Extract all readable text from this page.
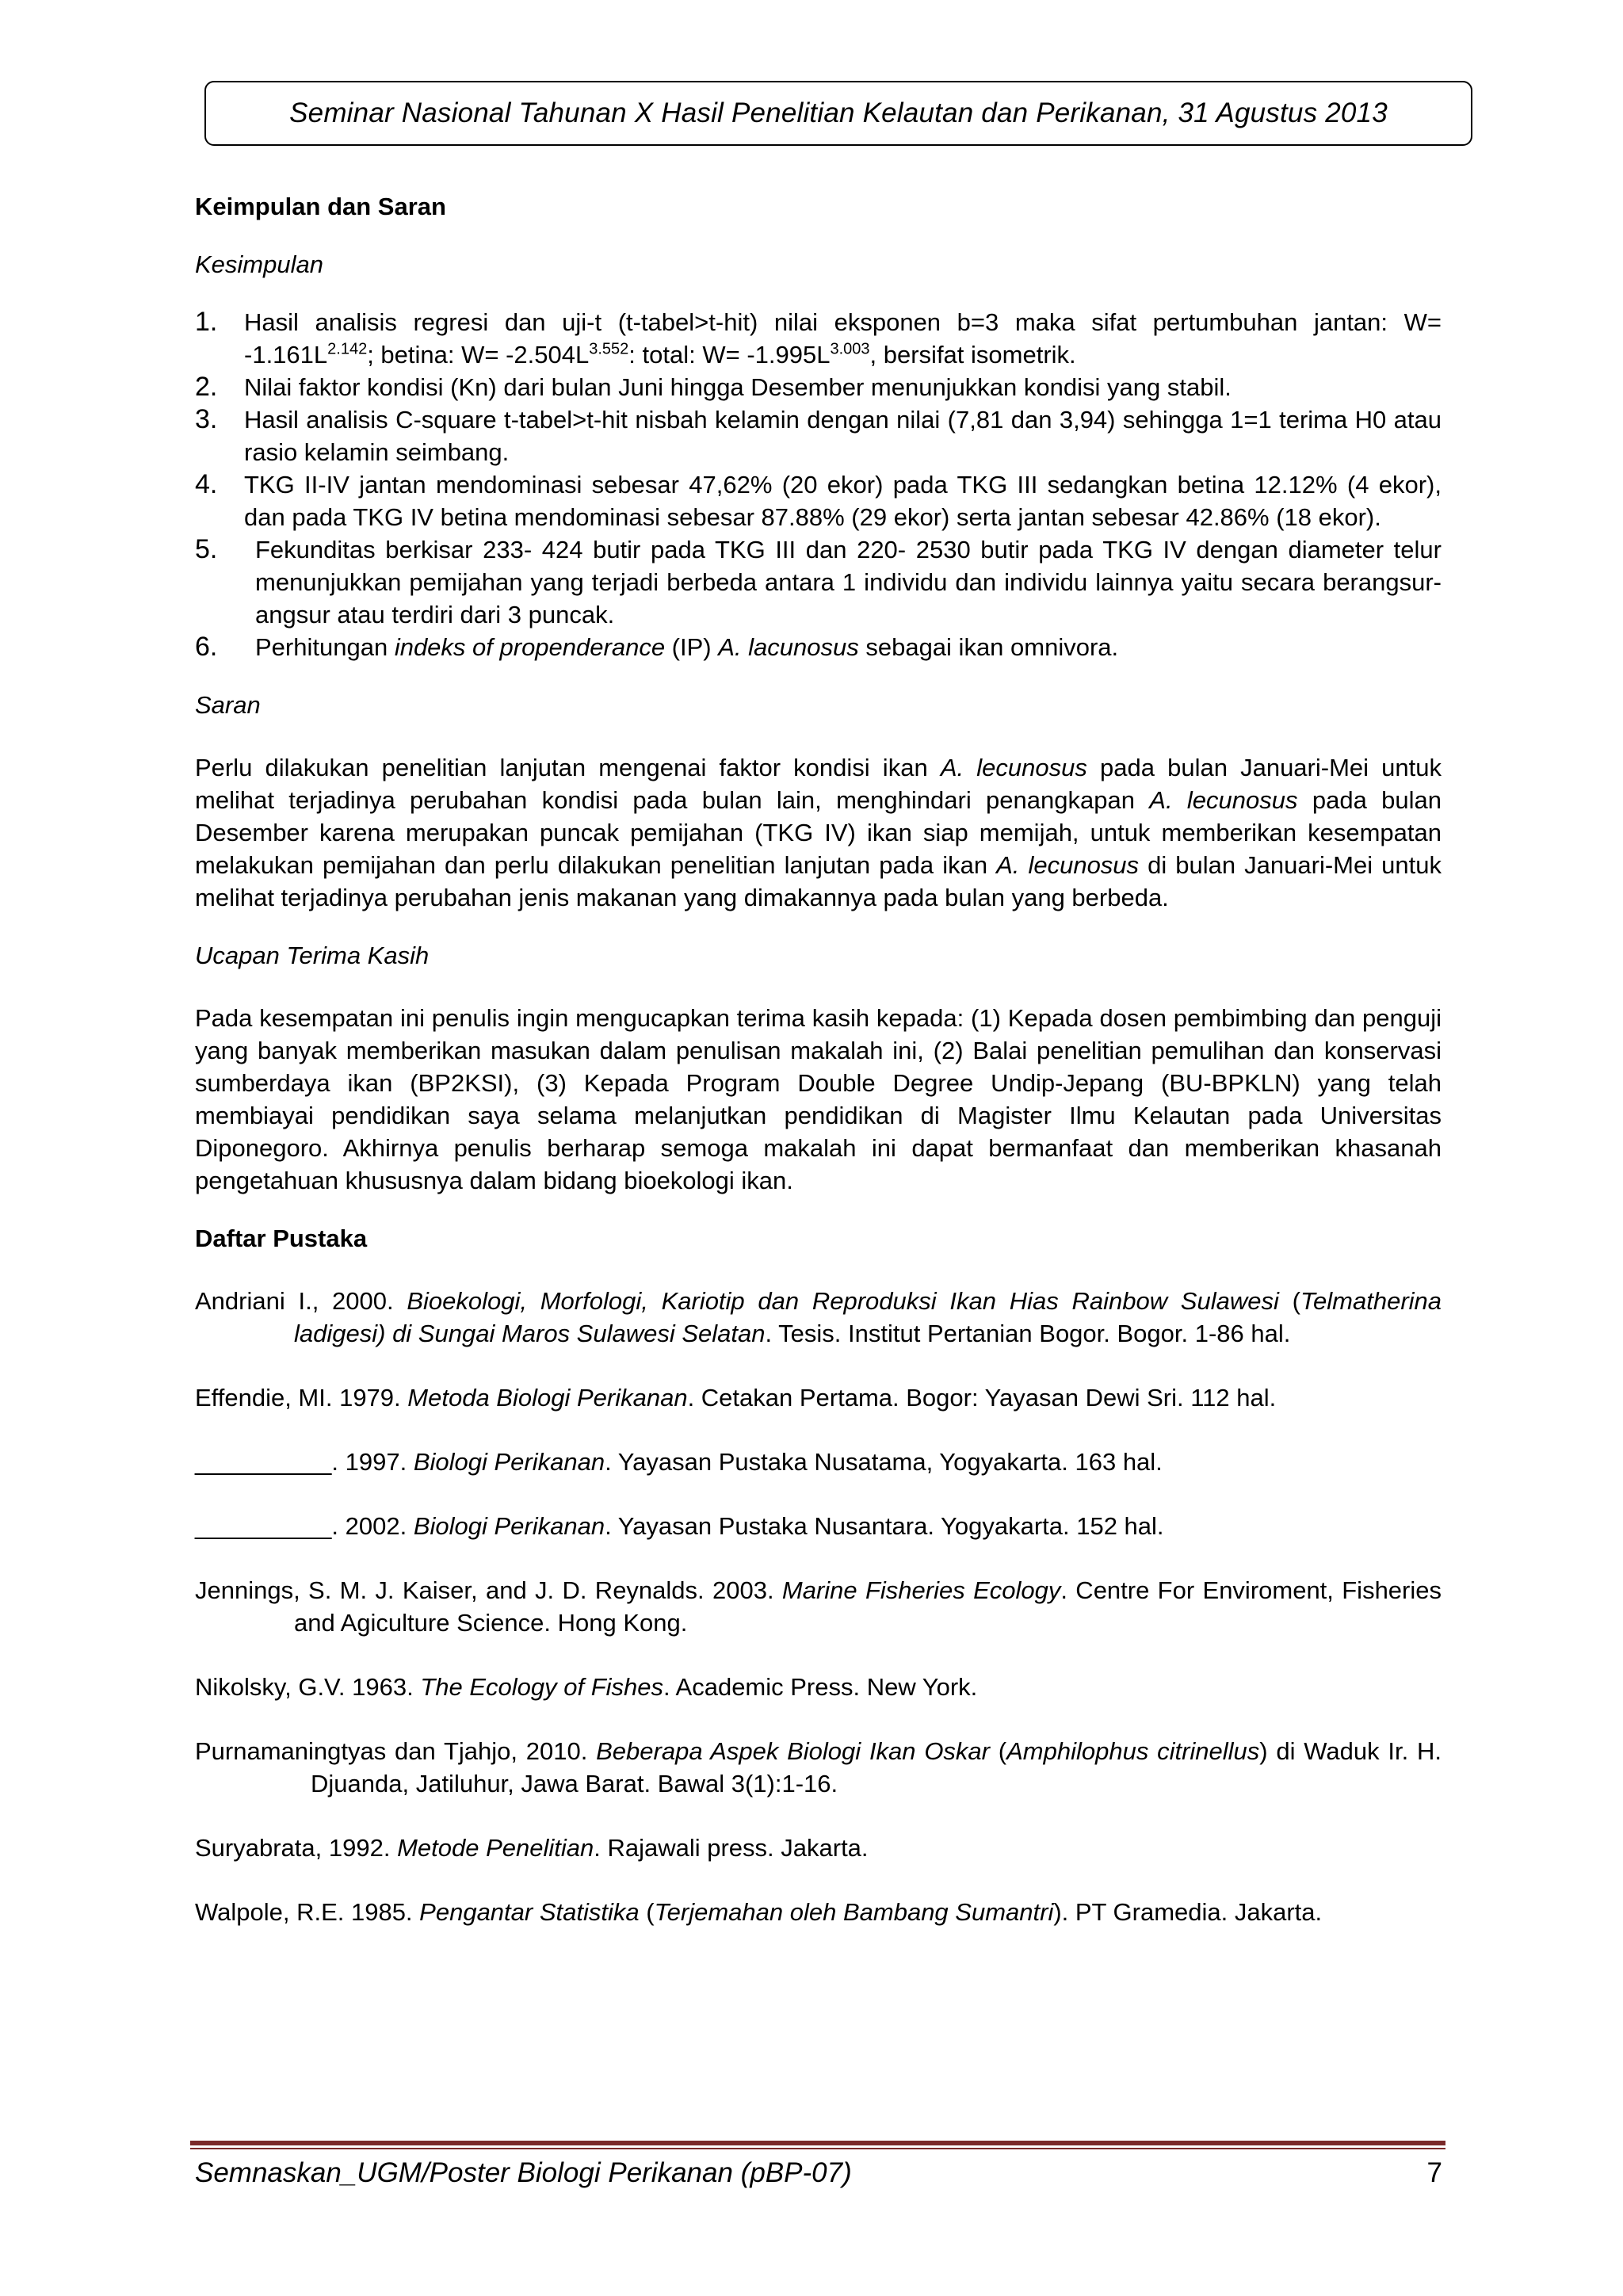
Seminar Nasional Tahunan X Hasil Penelitian Kelautan dan Perikanan, 31 Agustus 2013

Keimpulan dan Saran

Kesimpulan

1.	Hasil analisis regresi dan uji-t (t-tabel>t-hit) nilai eksponen b=3 maka sifat pertumbuhan jantan: $W= -1.161L^{2.142}$; betina: $W= -2.504L^{3.552}$: total: $W= -1.995L^{3.003}$, bersifat isometrik.
2.	Nilai faktor kondisi (Kn) dari bulan Juni hingga Desember menunjukkan kondisi yang stabil.
3.	Hasil analisis C-square t-tabel>t-hit nisbah kelamin dengan nilai (7,81 dan 3,94) sehingga 1=1 terima H0 atau rasio kelamin seimbang.
4.	TKG II-IV jantan mendominasi sebesar 47,62% (20 ekor) pada TKG III sedangkan betina 12.12% (4 ekor), dan pada TKG IV betina mendominasi sebesar 87.88% (29 ekor) serta jantan sebesar 42.86% (18 ekor).
5.	Fekunditas berkisar 233- 424 butir pada TKG III dan 220- 2530 butir pada TKG IV dengan diameter telur menunjukkan pemijahan yang terjadi berbeda antara 1 individu dan individu lainnya yaitu secara berangsur-angsur atau terdiri dari 3 puncak.
6.	Perhitungan indeks of propenderance (IP) A. lacunosus sebagai ikan omnivora.

Saran

Perlu dilakukan penelitian lanjutan mengenai faktor kondisi ikan A. lecunosus pada bulan Januari-Mei untuk melihat terjadinya perubahan kondisi pada bulan lain, menghindari penangkapan A. lecunosus pada bulan Desember karena merupakan puncak pemijahan (TKG IV) ikan siap memijah, untuk memberikan kesempatan melakukan pemijahan dan perlu dilakukan penelitian lanjutan pada ikan A. lecunosus di bulan Januari-Mei untuk melihat terjadinya perubahan jenis makanan yang dimakannya pada bulan yang berbeda.

Ucapan Terima Kasih

Pada kesempatan ini penulis ingin mengucapkan terima kasih kepada: (1) Kepada dosen pembimbing dan penguji yang banyak memberikan masukan dalam penulisan makalah ini, (2) Balai penelitian pemulihan dan konservasi sumberdaya ikan (BP2KSI), (3) Kepada Program Double Degree Undip-Jepang (BU-BPKLN) yang telah membiayai pendidikan saya selama melanjutkan pendidikan di Magister Ilmu Kelautan pada Universitas Diponegoro. Akhirnya penulis berharap semoga makalah ini dapat bermanfaat dan memberikan khasanah pengetahuan khususnya dalam bidang bioekologi ikan.

Daftar Pustaka

Andriani I., 2000. Bioekologi, Morfologi, Kariotip dan Reproduksi Ikan Hias Rainbow Sulawesi (Telmatherina ladigesi) di Sungai Maros Sulawesi Selatan. Tesis. Institut Pertanian Bogor. Bogor. 1-86 hal.

Effendie, MI. 1979. Metoda Biologi Perikanan. Cetakan Pertama. Bogor: Yayasan Dewi Sri. 112 hal.

__________. 1997. Biologi Perikanan. Yayasan Pustaka Nusatama, Yogyakarta. 163 hal.

__________. 2002. Biologi Perikanan. Yayasan Pustaka Nusantara. Yogyakarta. 152 hal.

Jennings, S. M. J. Kaiser, and J. D. Reynalds. 2003. Marine Fisheries Ecology. Centre For Enviroment, Fisheries and Agiculture Science. Hong Kong.

Nikolsky, G.V. 1963. The Ecology of Fishes. Academic Press. New York.

Purnamaningtyas dan Tjahjo, 2010. Beberapa Aspek Biologi Ikan Oskar (Amphilophus citrinellus) di Waduk Ir. H. Djuanda, Jatiluhur, Jawa Barat. Bawal 3(1):1-16.

Suryabrata, 1992. Metode Penelitian. Rajawali press. Jakarta.

Walpole, R.E. 1985. Pengantar Statistika (Terjemahan oleh Bambang Sumantri). PT Gramedia. Jakarta.

Semnaskan_UGM/Poster Biologi Perikanan (pBP-07)	7
